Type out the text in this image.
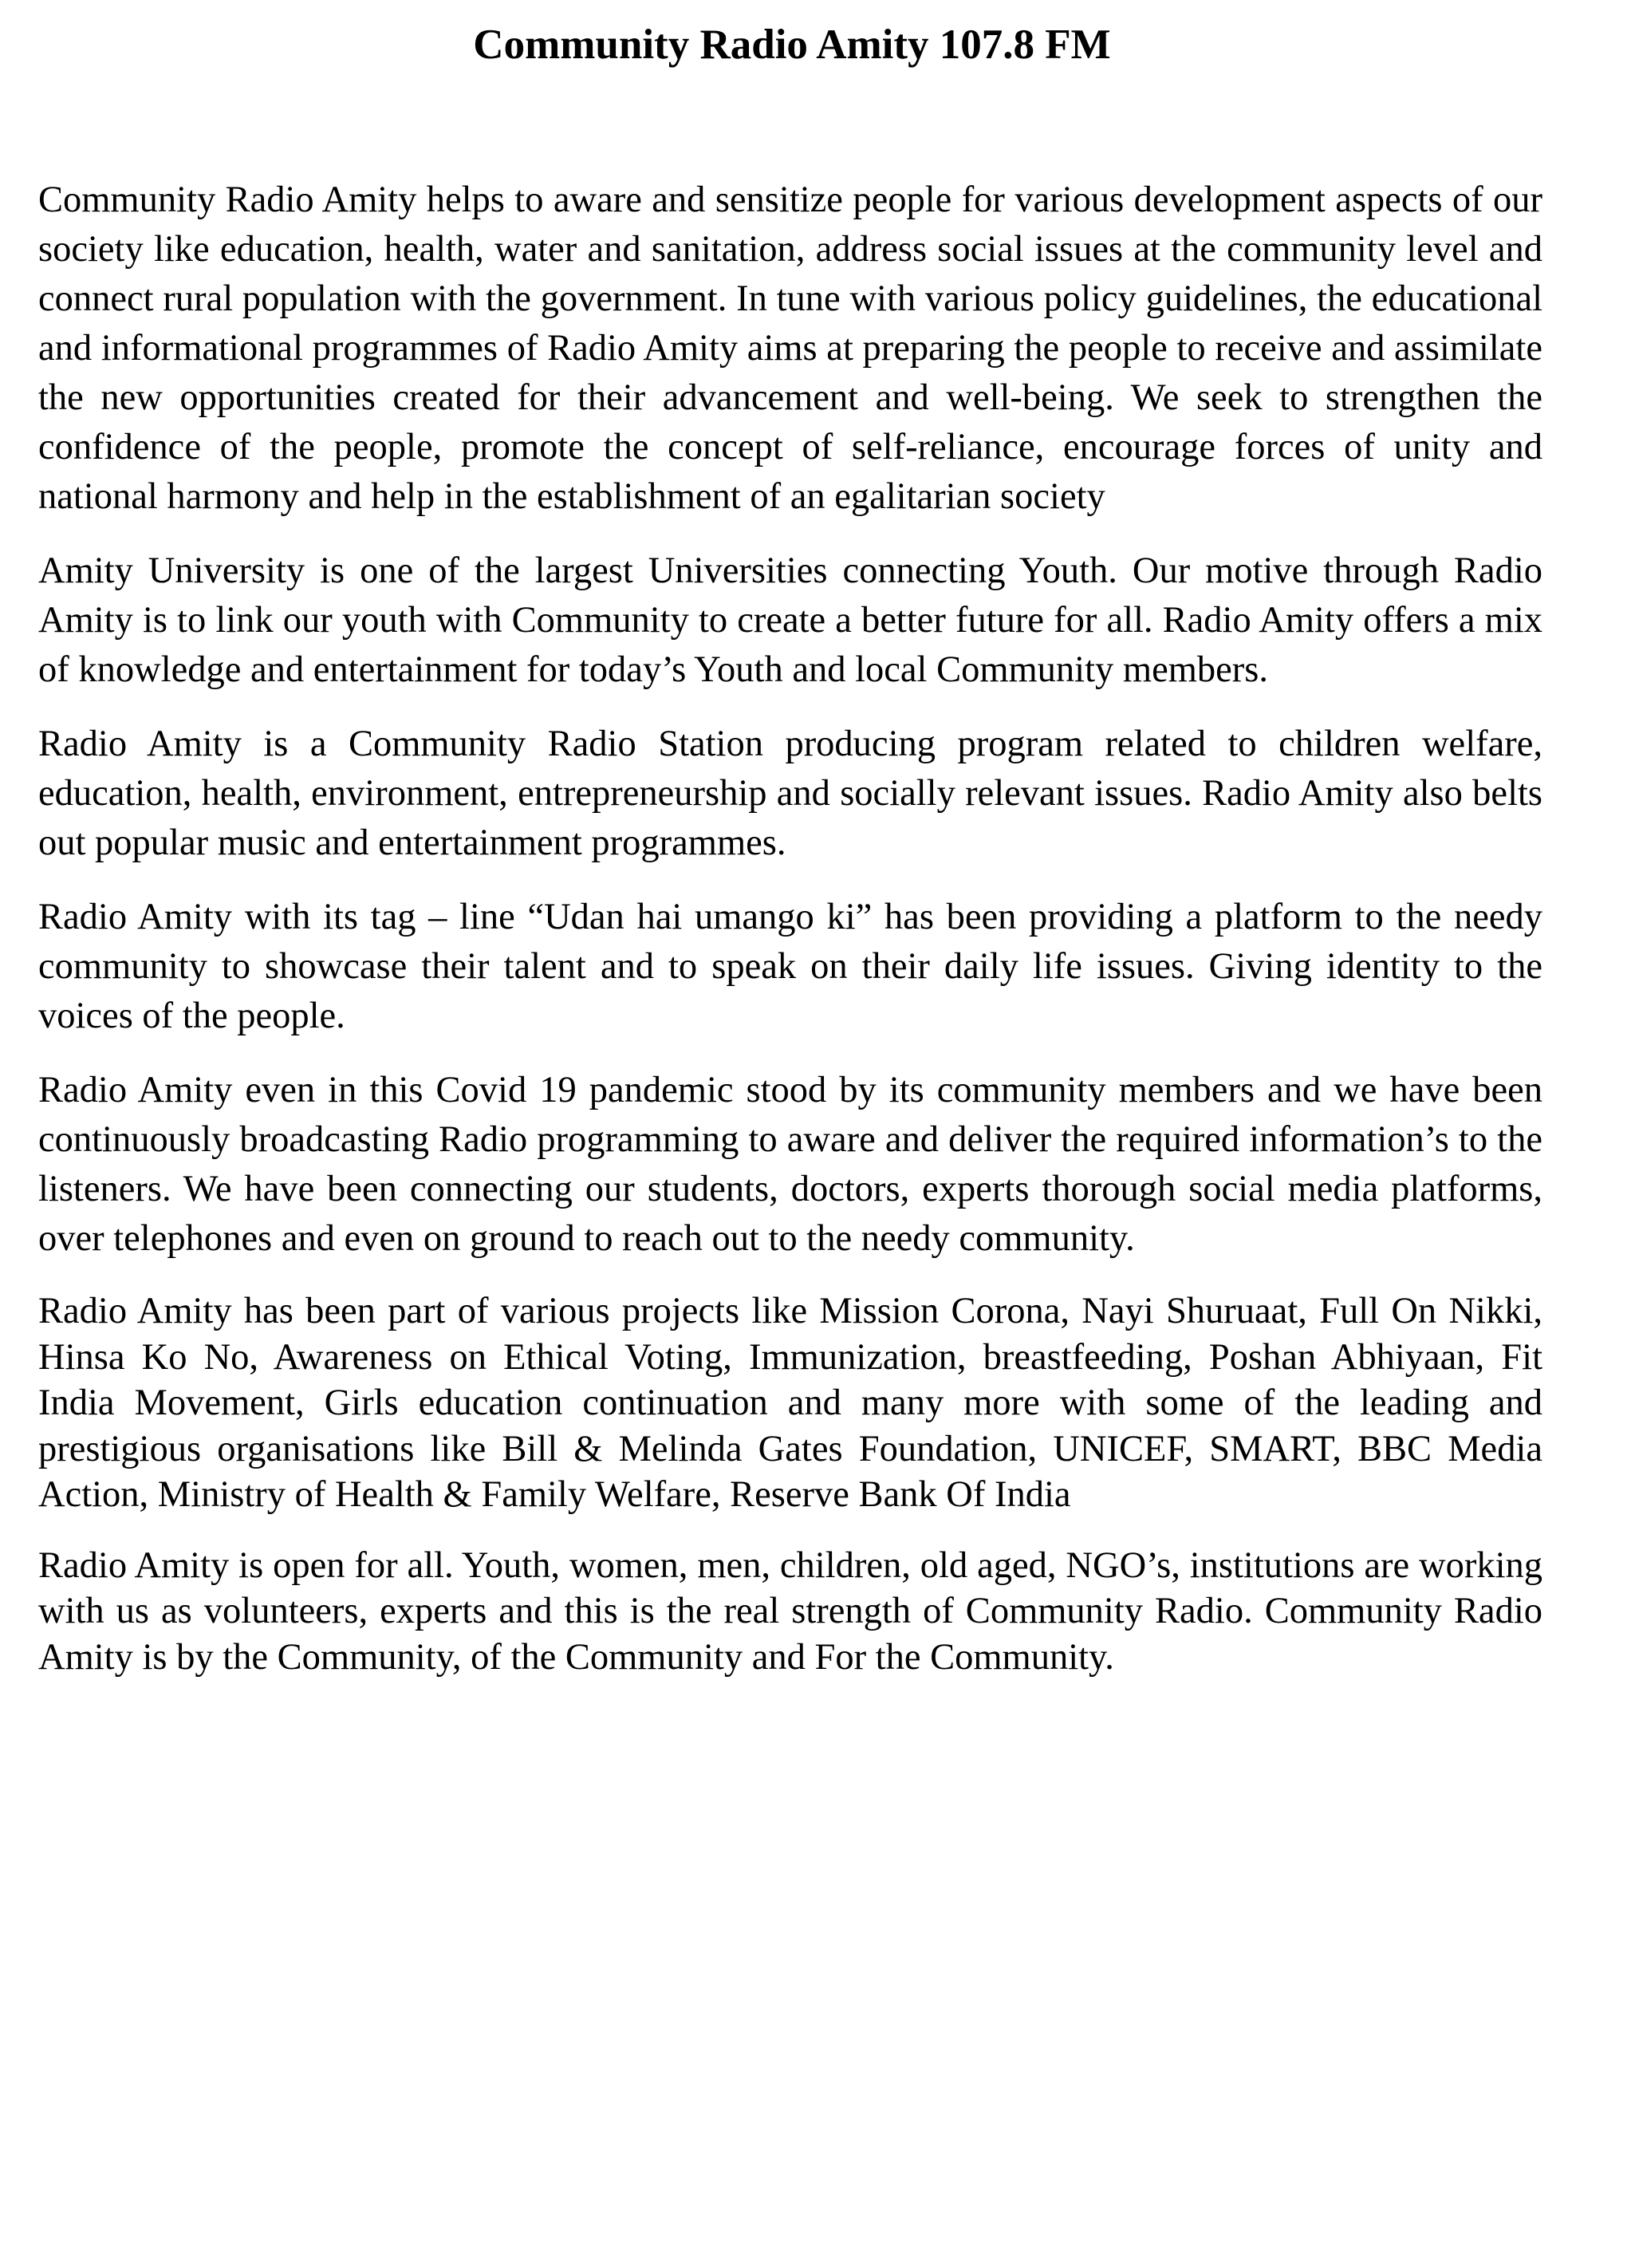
Community Radio Amity 107.8 FM

Community Radio Amity helps to aware and sensitize people for various development aspects of our society like education, health, water and sanitation, address social issues at the community level and connect rural population with the government. In tune with various policy guidelines, the educational and informational programmes of Radio Amity aims at preparing the people to receive and assimilate the new opportunities created for their advancement and well-being. We seek to strengthen the confidence of the people, promote the concept of self-reliance, encourage forces of unity and national harmony and help in the establishment of an egalitarian society

Amity University is one of the largest Universities connecting Youth. Our motive through Radio Amity is to link our youth with Community to create a better future for all. Radio Amity offers a mix of knowledge and entertainment for today’s Youth and local Community members.

Radio Amity is a Community Radio Station producing program related to children welfare, education, health, environment, entrepreneurship and socially relevant issues. Radio Amity also belts out popular music and entertainment programmes.

Radio Amity with its tag – line “Udan hai umango ki” has been providing a platform to the needy community to showcase their talent and to speak on their daily life issues. Giving identity to the voices of the people.

Radio Amity even in this Covid 19 pandemic stood by its community members and we have been continuously broadcasting Radio programming to aware and deliver the required information’s to the listeners. We have been connecting our students, doctors, experts thorough social media platforms, over telephones and even on ground to reach out to the needy community.

Radio Amity has been part of various projects like Mission Corona, Nayi Shuruaat, Full On Nikki, Hinsa Ko No, Awareness on Ethical Voting, Immunization, breastfeeding, Poshan Abhiyaan, Fit India Movement, Girls education continuation and many more with some of the leading and prestigious organisations like Bill & Melinda Gates Foundation, UNICEF, SMART, BBC Media Action, Ministry of Health & Family Welfare, Reserve Bank Of India

Radio Amity is open for all. Youth, women, men, children, old aged, NGO’s, institutions are working with us as volunteers, experts and this is the real strength of Community Radio. Community Radio Amity is by the Community, of the Community and For the Community.
